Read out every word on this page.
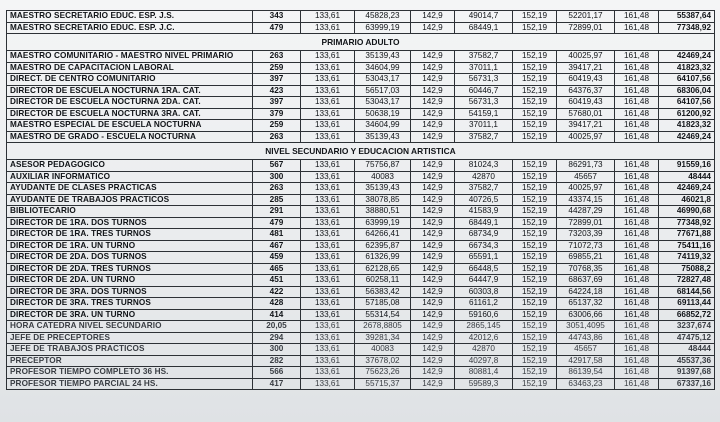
MAESTRO SECRETARIO EDUC. ESP. J.S.	343	133,61	45828,23	142,9	49014,7	152,19	52201,17	161,48	55387,64
MAESTRO SECRETARIO EDUC. ESP. J.C.	479	133,61	63999,19	142,9	68449,1	152,19	72899,01	161,48	77348,92
PRIMARIO ADULTO									
MAESTRO COMUNITARIO - MAESTRO NIVEL PRIMARIO	263	133,61	35139,43	142,9	37582,7	152,19	40025,97	161,48	42469,24
MAESTRO DE CAPACITACION LABORAL	259	133,61	34604,99	142,9	37011,1	152,19	39417,21	161,48	41823,32
DIRECT. DE CENTRO COMUNITARIO	397	133,61	53043,17	142,9	56731,3	152,19	60419,43	161,48	64107,56
DIRECTOR DE ESCUELA NOCTURNA 1RA. CAT.	423	133,61	56517,03	142,9	60446,7	152,19	64376,37	161,48	68306,04
DIRECTOR DE ESCUELA NOCTURNA 2DA. CAT.	397	133,61	53043,17	142,9	56731,3	152,19	60419,43	161,48	64107,56
DIRECTOR DE ESCUELA NOCTURNA 3RA. CAT.	379	133,61	50638,19	142,9	54159,1	152,19	57680,01	161,48	61200,92
MAESTRO ESPECIAL DE ESCUELA NOCTURNA	259	133,61	34604,99	142,9	37011,1	152,19	39417,21	161,48	41823,32
MAESTRO DE GRADO - ESCUELA NOCTURNA	263	133,61	35139,43	142,9	37582,7	152,19	40025,97	161,48	42469,24
NIVEL SECUNDARIO Y EDUCACION ARTISTICA									
ASESOR PEDAGOGICO	567	133,61	75756,87	142,9	81024,3	152,19	86291,73	161,48	91559,16
AUXILIAR INFORMATICO	300	133,61	40083	142,9	42870	152,19	45657	161,48	48444
AYUDANTE DE CLASES PRACTICAS	263	133,61	35139,43	142,9	37582,7	152,19	40025,97	161,48	42469,24
AYUDANTE DE TRABAJOS PRACTICOS	285	133,61	38078,85	142,9	40726,5	152,19	43374,15	161,48	46021,8
BIBLIOTECARIO	291	133,61	38880,51	142,9	41583,9	152,19	44287,29	161,48	46990,68
DIRECTOR DE 1RA. DOS TURNOS	479	133,61	63999,19	142,9	68449,1	152,19	72899,01	161,48	77348,92
DIRECTOR DE 1RA. TRES TURNOS	481	133,61	64266,41	142,9	68734,9	152,19	73203,39	161,48	77671,88
DIRECTOR DE 1RA. UN TURNO	467	133,61	62395,87	142,9	66734,3	152,19	71072,73	161,48	75411,16
DIRECTOR DE 2DA. DOS TURNOS	459	133,61	61326,99	142,9	65591,1	152,19	69855,21	161,48	74119,32
DIRECTOR DE 2DA. TRES TURNOS	465	133,61	62128,65	142,9	66448,5	152,19	70768,35	161,48	75088,2
DIRECTOR DE 2DA. UN TURNO	451	133,61	60258,11	142,9	64447,9	152,19	68637,69	161,48	72827,48
DIRECTOR DE 3RA. DOS TURNOS	422	133,61	56383,42	142,9	60303,8	152,19	64224,18	161,48	68144,56
DIRECTOR DE 3RA. TRES TURNOS	428	133,61	57185,08	142,9	61161,2	152,19	65137,32	161,48	69113,44
DIRECTOR DE 3RA. UN TURNO	414	133,61	55314,54	142,9	59160,6	152,19	63006,66	161,48	66852,72
HORA CATEDRA NIVEL SECUNDARIO	20,05	133,61	2678,8805	142,9	2865,145	152,19	3051,4095	161,48	3237,674
JEFE DE PRECEPTORES	294	133,61	39281,34	142,9	42012,6	152,19	44743,86	161,48	47475,12
JEFE DE TRABAJOS PRACTICOS	300	133,61	40083	142,9	42870	152,19	45657	161,48	48444
PRECEPTOR	282	133,61	37678,02	142,9	40297,8	152,19	42917,58	161,48	45537,36
PROFESOR TIEMPO COMPLETO 36 HS.	566	133,61	75623,26	142,9	80881,4	152,19	86139,54	161,48	91397,68
PROFESOR TIEMPO PARCIAL 24 HS.	417	133,61	55715,37	142,9	59589,3	152,19	63463,23	161,48	67337,16
